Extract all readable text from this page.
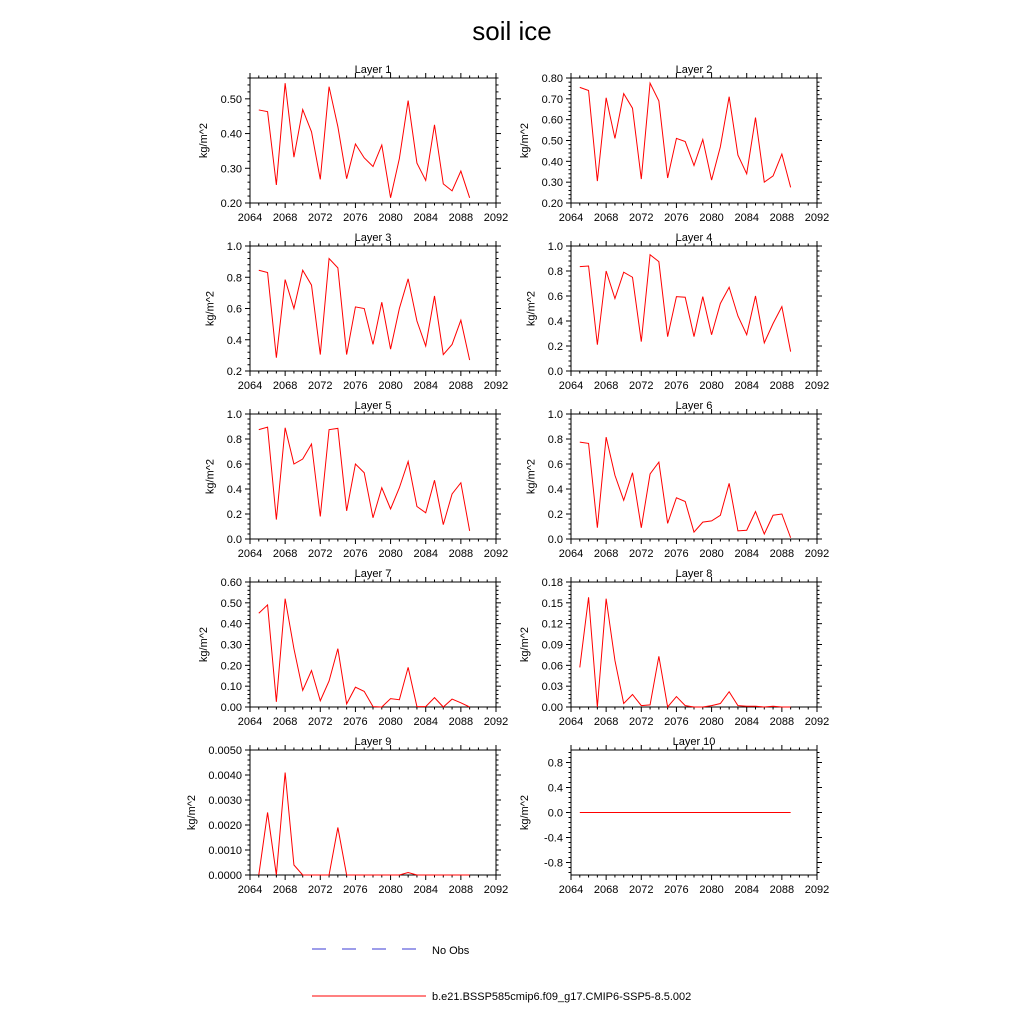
soil ice
Layer 1
kg/m^2
2064 2068 2072 2076 2080 2084 2088 2092
0.20
0.30
0.40
0.50
Layer 2
kg/m^2
2064 2068 2072 2076 2080 2084 2088 2092
0.20
0.30
0.40
0.50
0.60
0.70
0.80
Layer 3
kg/m^2
2064 2068 2072 2076 2080 2084 2088 2092
0.2
0.4
0.6
0.8
1.0
Layer 4
kg/m^2
2064 2068 2072 2076 2080 2084 2088 2092
0.0
0.2
0.4
0.6
0.8
1.0
Layer 5
kg/m^2
2064 2068 2072 2076 2080 2084 2088 2092
0.0
0.2
0.4
0.6
0.8
1.0
Layer 6
kg/m^2
2064 2068 2072 2076 2080 2084 2088 2092
0.0
0.2
0.4
0.6
0.8
1.0
Layer 7
kg/m^2
2064 2068 2072 2076 2080 2084 2088 2092
0.00
0.10
0.20
0.30
0.40
0.50
0.60
Layer 8
kg/m^2
2064 2068 2072 2076 2080 2084 2088 2092
0.00
0.03
0.06
0.09
0.12
0.15
0.18
Layer 9
kg/m^2
2064 2068 2072 2076 2080 2084 2088 2092
0.0000
0.0010
0.0020
0.0030
0.0040
0.0050
Layer 10
kg/m^2
2064 2068 2072 2076 2080 2084 2088 2092
-0.8
-0.4
0.0
0.4
0.8
No Obs
b.e21.BSSP585cmip6.f09_g17.CMIP6-SSP5-8.5.002
